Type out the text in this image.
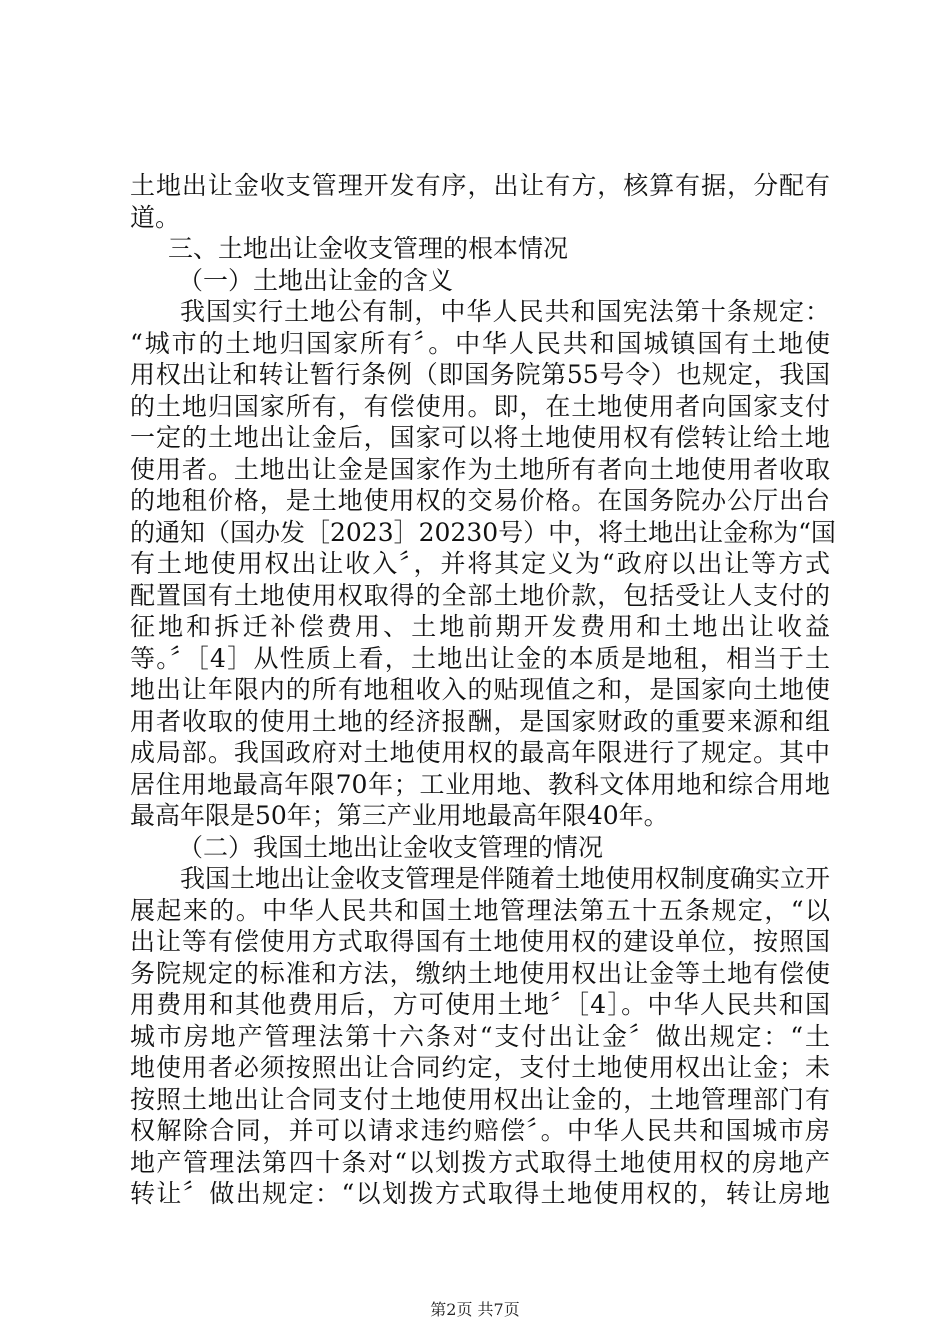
土地出让金收支管理开发有序，出让有方，核算有据，分配有
道。
三、土地出让金收支管理的根本情况
（一）土地出让金的含义
我国实行土地公有制，中华人民共和国宪法第十条规定：
“城市的土地归国家所有〞。中华人民共和国城镇国有土地使
用权出让和转让暂行条例（即国务院第55号令）也规定，我国
的土地归国家所有，有偿使用。即，在土地使用者向国家支付
一定的土地出让金后，国家可以将土地使用权有偿转让给土地
使用者。土地出让金是国家作为土地所有者向土地使用者收取
的地租价格，是土地使用权的交易价格。在国务院办公厅出台
的通知（国办发［2023］20230号）中，将土地出让金称为“国
有土地使用权出让收入〞，并将其定义为“政府以出让等方式
配置国有土地使用权取得的全部土地价款，包括受让人支付的
征地和拆迁补偿费用、土地前期开发费用和土地出让收益
等。〞［4］从性质上看，土地出让金的本质是地租，相当于土
地出让年限内的所有地租收入的贴现值之和，是国家向土地使
用者收取的使用土地的经济报酬，是国家财政的重要来源和组
成局部。我国政府对土地使用权的最高年限进行了规定。其中
居住用地最高年限70年；工业用地、教科文体用地和综合用地
最高年限是50年；第三产业用地最高年限40年。
（二）我国土地出让金收支管理的情况
我国土地出让金收支管理是伴随着土地使用权制度确实立开
展起来的。中华人民共和国土地管理法第五十五条规定，“以
出让等有偿使用方式取得国有土地使用权的建设单位，按照国
务院规定的标准和方法，缴纳土地使用权出让金等土地有偿使
用费用和其他费用后，方可使用土地〞［4］。中华人民共和国
城市房地产管理法第十六条对“支付出让金〞做出规定：“土
地使用者必须按照出让合同约定，支付土地使用权出让金；未
按照土地出让合同支付土地使用权出让金的，土地管理部门有
权解除合同，并可以请求违约赔偿〞。中华人民共和国城市房
地产管理法第四十条对“以划拨方式取得土地使用权的房地产
转让〞做出规定：“以划拨方式取得土地使用权的，转让房地
第2页 共7页
